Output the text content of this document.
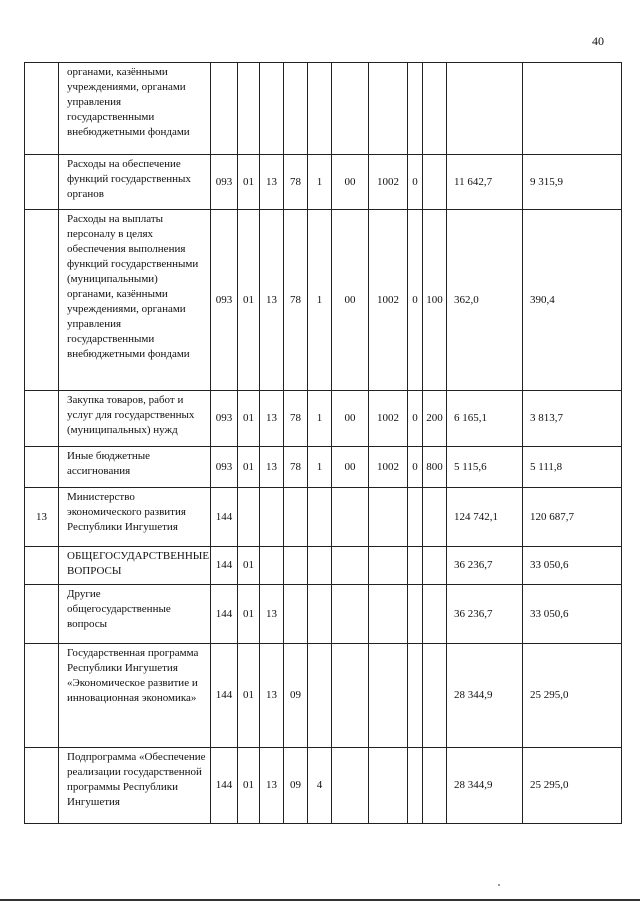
40
	органами, казёнными учреждениями, органами управления государственными внебюджетными фондами											
	Расходы на обеспечение функций государственных органов	093	01	13	78	1	00	1002	0		11 642,7	9 315,9
	Расходы на выплаты персоналу в целях обеспечения выполнения функций государственными (муниципальными) органами, казёнными учреждениями, органами управления государственными внебюджетными фондами	093	01	13	78	1	00	1002	0	100	362,0	390,4
	Закупка товаров, работ и услуг для государственных (муниципальных) нужд	093	01	13	78	1	00	1002	0	200	6 165,1	3 813,7
	Иные бюджетные ассигнования	093	01	13	78	1	00	1002	0	800	5 115,6	5 111,8
13	Министерство экономического развития Республики Ингушетия	144									124 742,1	120 687,7
	ОБЩЕГОСУДАРСТВЕННЫЕ ВОПРОСЫ	144	01								36 236,7	33 050,6
	Другие общегосударственные вопросы	144	01	13							36 236,7	33 050,6
	Государственная программа Республики Ингушетия «Экономическое развитие и инновационная экономика»	144	01	13	09						28 344,9	25 295,0
	Подпрограмма «Обеспечение реализации государственной программы Республики Ингушетия	144	01	13	09	4					28 344,9	25 295,0
